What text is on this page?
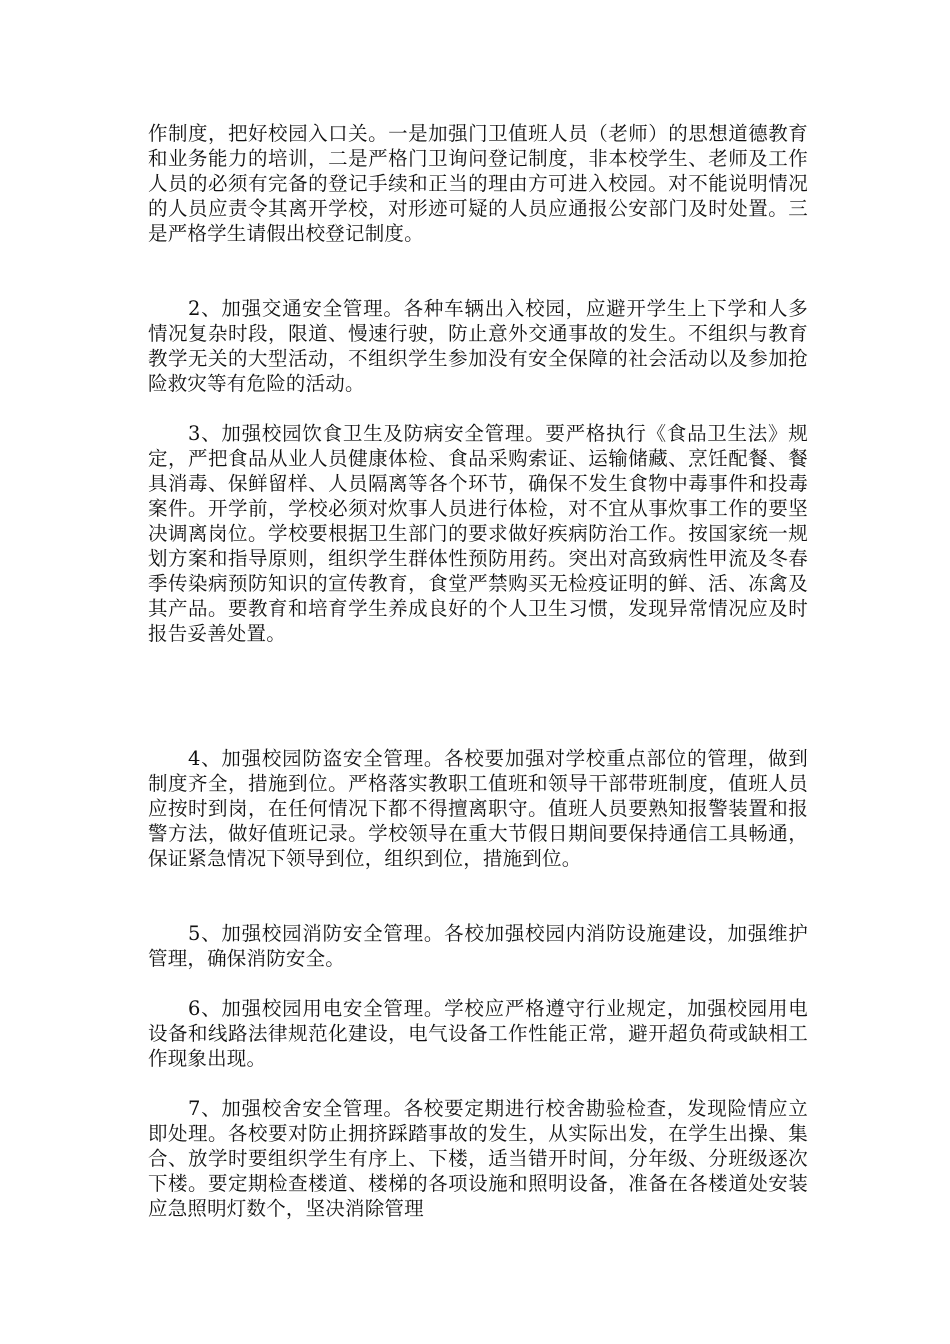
作制度，把好校园入口关。一是加强门卫值班人员（老师）的思想道德教育和业务能力的培训，二是严格门卫询问登记制度，非本校学生、老师及工作人员的必须有完备的登记手续和正当的理由方可进入校园。对不能说明情况的人员应责令其离开学校，对形迹可疑的人员应通报公安部门及时处置。三是严格学生请假出校登记制度。

2、加强交通安全管理。各种车辆出入校园，应避开学生上下学和人多情况复杂时段，限道、慢速行驶，防止意外交通事故的发生。不组织与教育教学无关的大型活动，不组织学生参加没有安全保障的社会活动以及参加抢险救灾等有危险的活动。

3、加强校园饮食卫生及防病安全管理。要严格执行《食品卫生法》规定，严把食品从业人员健康体检、食品采购索证、运输储藏、烹饪配餐、餐具消毒、保鲜留样、人员隔离等各个环节，确保不发生食物中毒事件和投毒案件。开学前，学校必须对炊事人员进行体检，对不宜从事炊事工作的要坚决调离岗位。学校要根据卫生部门的要求做好疾病防治工作。按国家统一规划方案和指导原则，组织学生群体性预防用药。突出对高致病性甲流及冬春季传染病预防知识的宣传教育，食堂严禁购买无检疫证明的鲜、活、冻禽及其产品。要教育和培育学生养成良好的个人卫生习惯，发现异常情况应及时报告妥善处置。

4、加强校园防盗安全管理。各校要加强对学校重点部位的管理，做到制度齐全，措施到位。严格落实教职工值班和领导干部带班制度，值班人员应按时到岗，在任何情况下都不得擅离职守。值班人员要熟知报警装置和报警方法，做好值班记录。学校领导在重大节假日期间要保持通信工具畅通，保证紧急情况下领导到位，组织到位，措施到位。

5、加强校园消防安全管理。各校加强校园内消防设施建设，加强维护管理，确保消防安全。

6、加强校园用电安全管理。学校应严格遵守行业规定，加强校园用电设备和线路法律规范化建设，电气设备工作性能正常，避开超负荷或缺相工作现象出现。

7、加强校舍安全管理。各校要定期进行校舍勘验检查，发现险情应立即处理。各校要对防止拥挤踩踏事故的发生，从实际出发，在学生出操、集合、放学时要组织学生有序上、下楼，适当错开时间，分年级、分班级逐次下楼。要定期检查楼道、楼梯的各项设施和照明设备，准备在各楼道处安装应急照明灯数个，坚决消除管理
